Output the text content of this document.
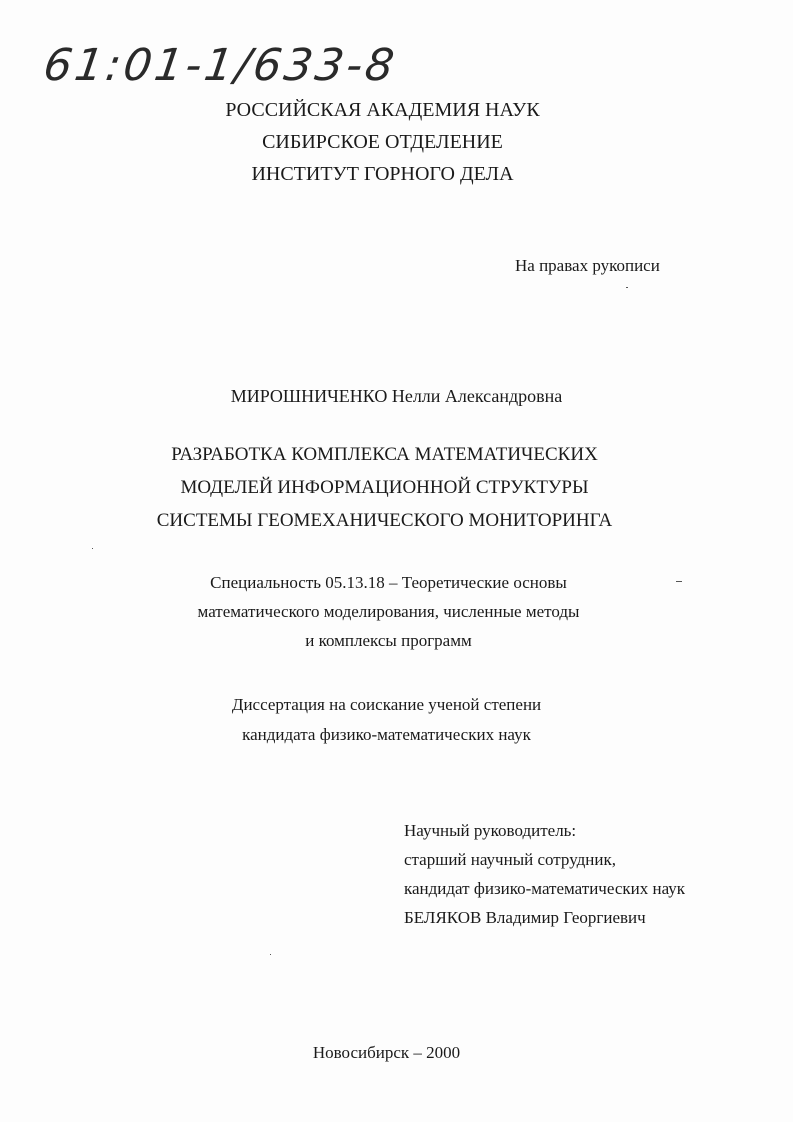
61:01-1/633-8
РОССИЙСКАЯ АКАДЕМИЯ НАУК
СИБИРСКОЕ ОТДЕЛЕНИЕ
ИНСТИТУТ ГОРНОГО ДЕЛА
На правах рукописи
МИРОШНИЧЕНКО Нелли Александровна
РАЗРАБОТКА КОМПЛЕКСА МАТЕМАТИЧЕСКИХ
МОДЕЛЕЙ ИНФОРМАЦИОННОЙ СТРУКТУРЫ
СИСТЕМЫ ГЕОМЕХАНИЧЕСКОГО МОНИТОРИНГА
Специальность 05.13.18 – Теоретические основы
математического моделирования, численные методы
и комплексы программ
Диссертация на соискание ученой степени
кандидата физико-математических наук
Научный руководитель:
старший научный сотрудник,
кандидат физико-математических наук
БЕЛЯКОВ Владимир Георгиевич
Новосибирск – 2000
